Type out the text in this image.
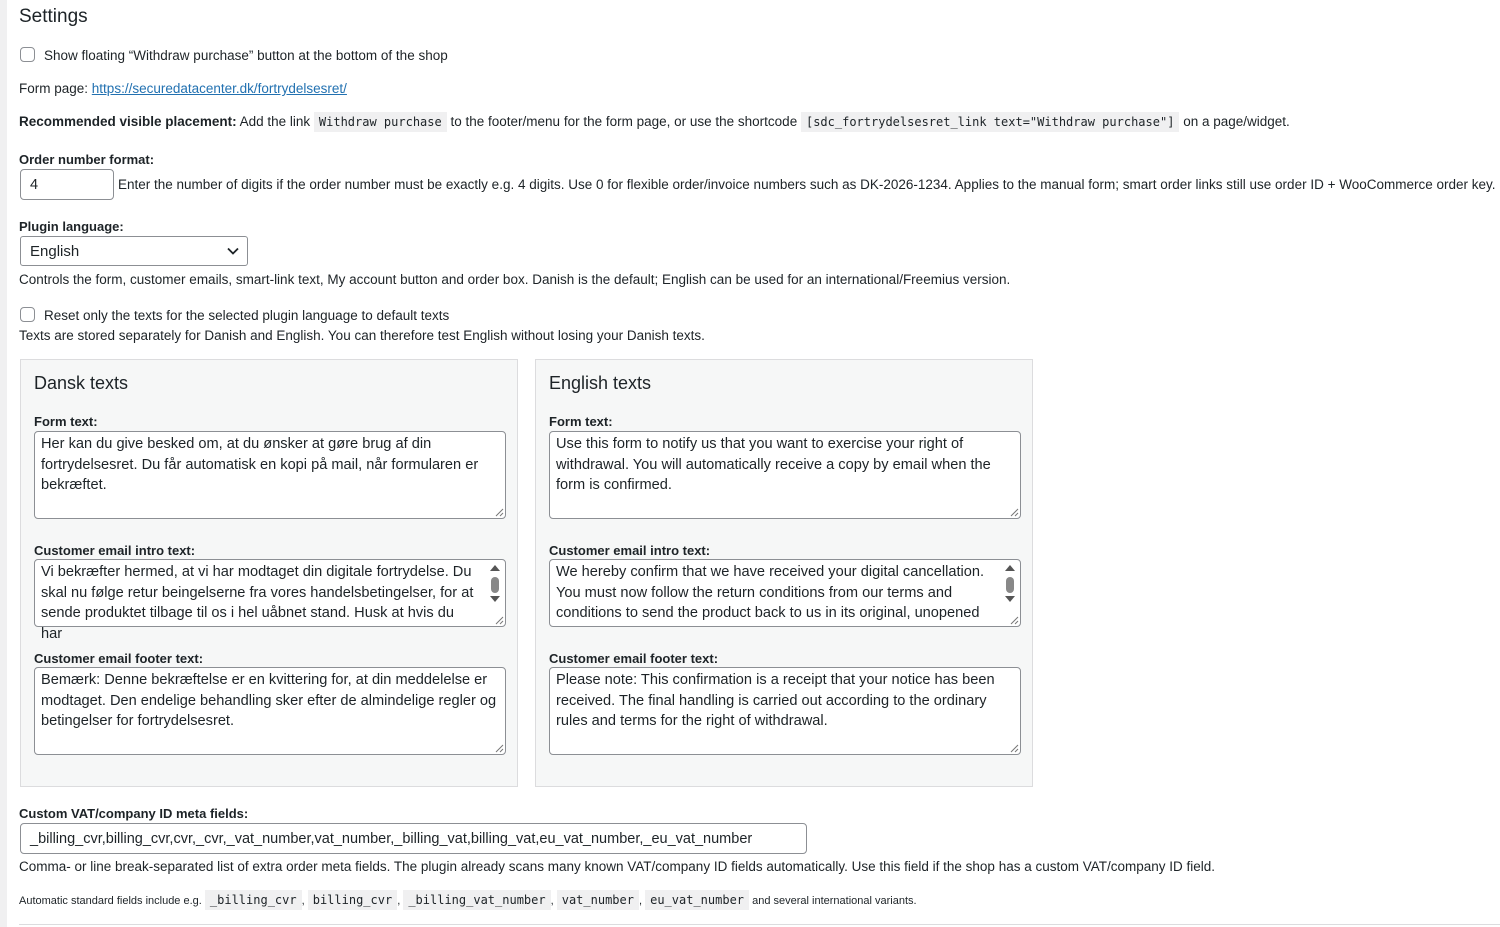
Settings
Show floating “Withdraw purchase” button at the bottom of the shop
Form page: https://securedatacenter.dk/fortrydelsesret/
Recommended visible placement: Add the link Withdraw purchase to the footer/menu for the form page, or use the shortcode [sdc_fortrydelsesret_link text="Withdraw purchase"] on a page/widget.
Order number format:
4	Enter the number of digits if the order number must be exactly e.g. 4 digits. Use 0 for flexible order/invoice numbers such as DK-2026-1234. Applies to the manual form; smart order links still use order ID + WooCommerce order key.
Plugin language:
English
Controls the form, customer emails, smart-link text, My account button and order box. Danish is the default; English can be used for an international/Freemius version.
Reset only the texts for the selected plugin language to default texts
Texts are stored separately for Danish and English. You can therefore test English without losing your Danish texts.
Dansk texts
Form text:
Her kan du give besked om, at du ønsker at gøre brug af din fortrydelsesret. Du får automatisk en kopi på mail, når formularen er bekræftet.
Customer email intro text:
Vi bekræfter hermed, at vi har modtaget din digitale fortrydelse. Du skal nu følge retur beingelserne fra vores handelsbetingelser, for at sende produktet tilbage til os i hel uåbnet stand. Husk at hvis du har
Customer email footer text:
Bemærk: Denne bekræftelse er en kvittering for, at din meddelelse er modtaget. Den endelige behandling sker efter de almindelige regler og betingelser for fortrydelsesret.
English texts
Form text:
Use this form to notify us that you want to exercise your right of withdrawal. You will automatically receive a copy by email when the form is confirmed.
Customer email intro text:
We hereby confirm that we have received your digital cancellation. You must now follow the return conditions from our terms and conditions to send the product back to us in its original, unopened
Customer email footer text:
Please note: This confirmation is a receipt that your notice has been received. The final handling is carried out according to the ordinary rules and terms for the right of withdrawal.
Custom VAT/company ID meta fields:
_billing_cvr,billing_cvr,cvr,_cvr,_vat_number,vat_number,_billing_vat,billing_vat,eu_vat_number,_eu_vat_number
Comma- or line break-separated list of extra order meta fields. The plugin already scans many known VAT/company ID fields automatically. Use this field if the shop has a custom VAT/company ID field.
Automatic standard fields include e.g. _billing_cvr , billing_cvr , _billing_vat_number , vat_number , eu_vat_number and several international variants.
